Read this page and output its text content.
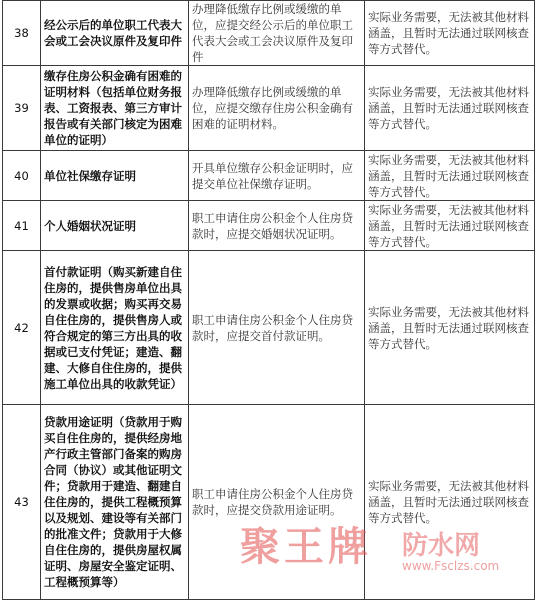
38	经公示后的单位职工代表大会或工会决议原件及复印件	办理降低缴存比例或缓缴的单位，应提交经公示后的单位职工代表大会或工会决议原件及复印件	实际业务需要，无法被其他材料涵盖，且暂时无法通过联网核查等方式替代。
39	缴存住房公积金确有困难的证明材料（包括单位财务报表、工资报表、第三方审计报告或有关部门核定为困难单位的证明）	办理降低缴存比例或缓缴的单位，应提交缴存住房公积金确有困难的证明材料。	实际业务需要，无法被其他材料涵盖，且暂时无法通过联网核查等方式替代。
40	单位社保缴存证明	开具单位缴存公积金证明时，应提交单位社保缴存证明。	实际业务需要，无法被其他材料涵盖，且暂时无法通过联网核查等方式替代。
41	个人婚姻状况证明	职工申请住房公积金个人住房贷款时，应提交婚姻状况证明。	实际业务需要，无法被其他材料涵盖，且暂时无法通过联网核查等方式替代。
42	首付款证明（购买新建自住住房的，提供售房单位出具的发票或收据；购买再交易自住住房的，提供售房人或符合规定的第三方出具的收据或已支付凭证；建造、翻建、大修自住住房的，提供施工单位出具的收款凭证）	职工申请住房公积金个人住房贷款时，应提交首付款证明。	实际业务需要，无法被其他材料涵盖，且暂时无法通过联网核查等方式替代。
43	贷款用途证明（贷款用于购买自住住房的，提供经房地产行政主管部门备案的购房合同（协议）或其他证明文件；贷款用于建造、翻建自住住房的，提供工程概预算以及规划、建设等有关部门的批准文件；贷款用于大修自住住房的，提供房屋权属证明、房屋安全鉴定证明、工程概预算等）	职工申请住房公积金个人住房贷款时，应提交贷款用途证明。	实际业务需要，无法被其他材料涵盖，且暂时无法通过联网核查等方式替代。
聚王牌 防水网
www.Fsclzs.com
